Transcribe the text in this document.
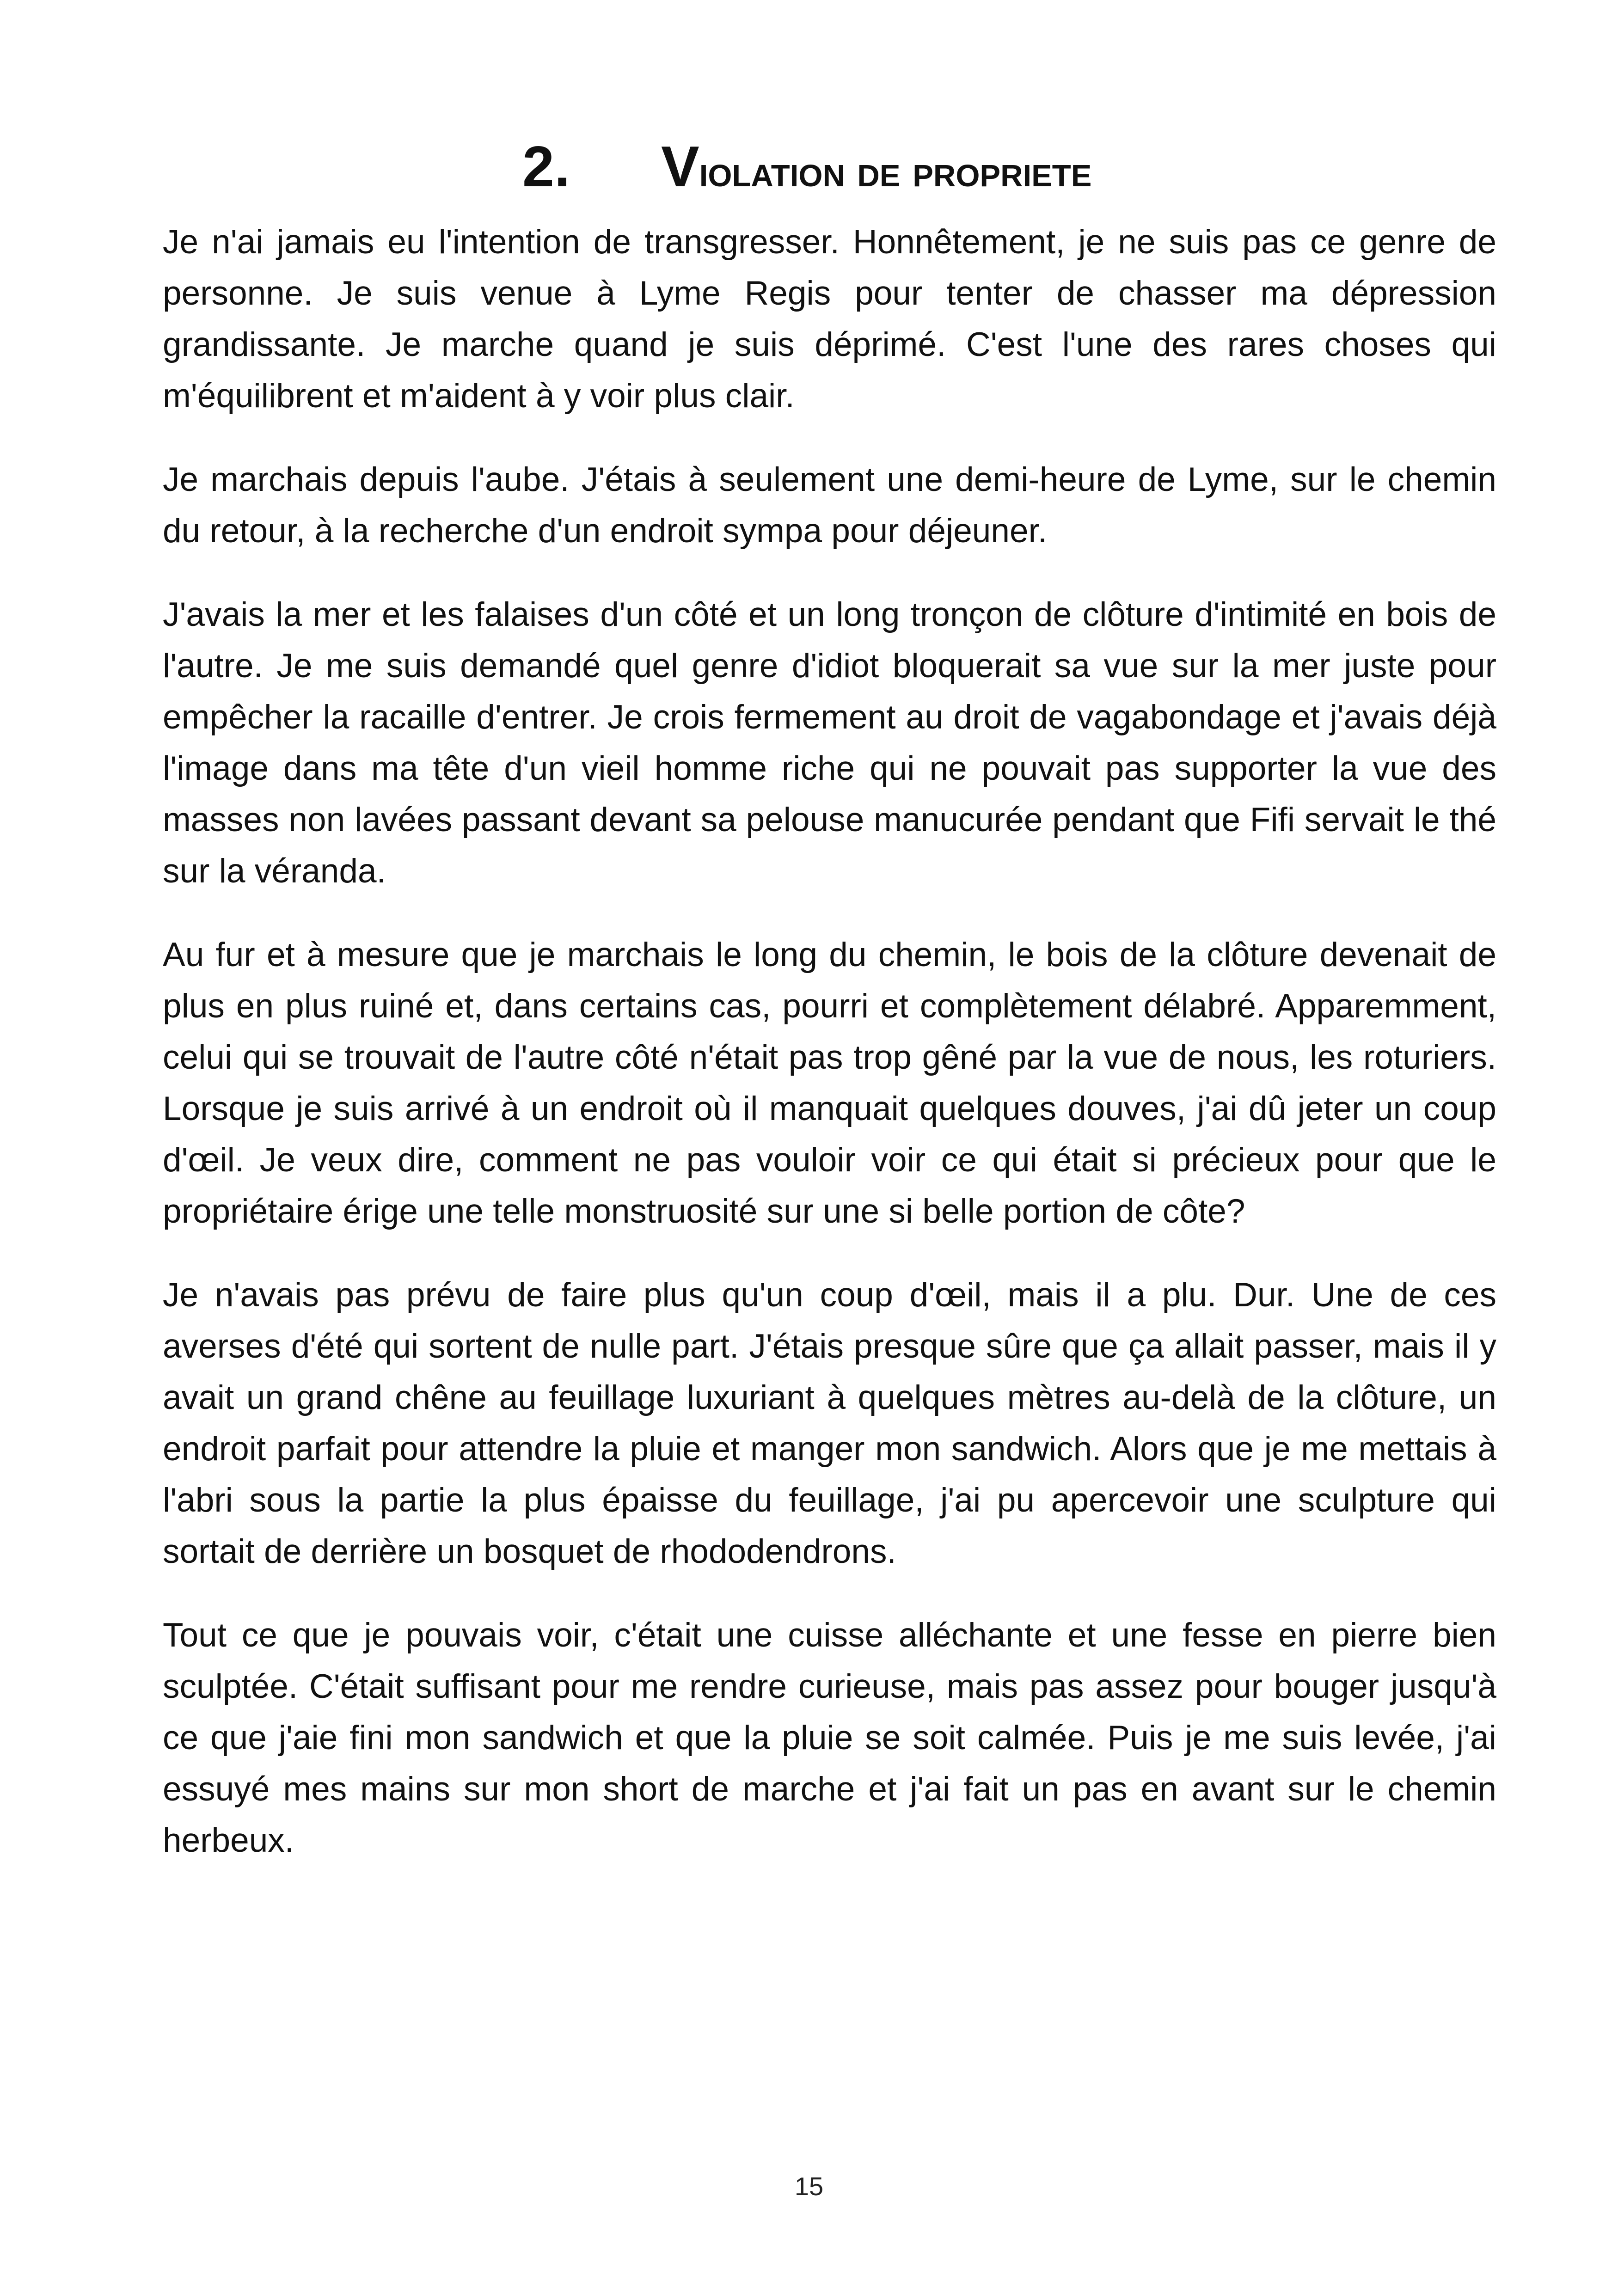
2. Violation de propriete

Je n'ai jamais eu l'intention de transgresser. Honnêtement, je ne suis pas ce genre de personne. Je suis venue à Lyme Regis pour tenter de chasser ma dépression grandissante. Je marche quand je suis déprimé. C'est l'une des rares choses qui m'équilibrent et m'aident à y voir plus clair.

Je marchais depuis l'aube. J'étais à seulement une demi-heure de Lyme, sur le chemin du retour, à la recherche d'un endroit sympa pour déjeuner.

J'avais la mer et les falaises d'un côté et un long tronçon de clôture d'intimité en bois de l'autre. Je me suis demandé quel genre d'idiot bloquerait sa vue sur la mer juste pour empêcher la racaille d'entrer. Je crois fermement au droit de vagabondage et j'avais déjà l'image dans ma tête d'un vieil homme riche qui ne pouvait pas supporter la vue des masses non lavées passant devant sa pelouse manucurée pendant que Fifi servait le thé sur la véranda.

Au fur et à mesure que je marchais le long du chemin, le bois de la clôture devenait de plus en plus ruiné et, dans certains cas, pourri et complètement délabré. Apparemment, celui qui se trouvait de l'autre côté n'était pas trop gêné par la vue de nous, les roturiers. Lorsque je suis arrivé à un endroit où il manquait quelques douves, j'ai dû jeter un coup d'œil. Je veux dire, comment ne pas vouloir voir ce qui était si précieux pour que le propriétaire érige une telle monstruosité sur une si belle portion de côte?

Je n'avais pas prévu de faire plus qu'un coup d'œil, mais il a plu. Dur. Une de ces averses d'été qui sortent de nulle part. J'étais presque sûre que ça allait passer, mais il y avait un grand chêne au feuillage luxuriant à quelques mètres au-delà de la clôture, un endroit parfait pour attendre la pluie et manger mon sandwich. Alors que je me mettais à l'abri sous la partie la plus épaisse du feuillage, j'ai pu apercevoir une sculpture qui sortait de derrière un bosquet de rhododendrons.

Tout ce que je pouvais voir, c'était une cuisse alléchante et une fesse en pierre bien sculptée. C'était suffisant pour me rendre curieuse, mais pas assez pour bouger jusqu'à ce que j'aie fini mon sandwich et que la pluie se soit calmée. Puis je me suis levée, j'ai essuyé mes mains sur mon short de marche et j'ai fait un pas en avant sur le chemin herbeux.

15
